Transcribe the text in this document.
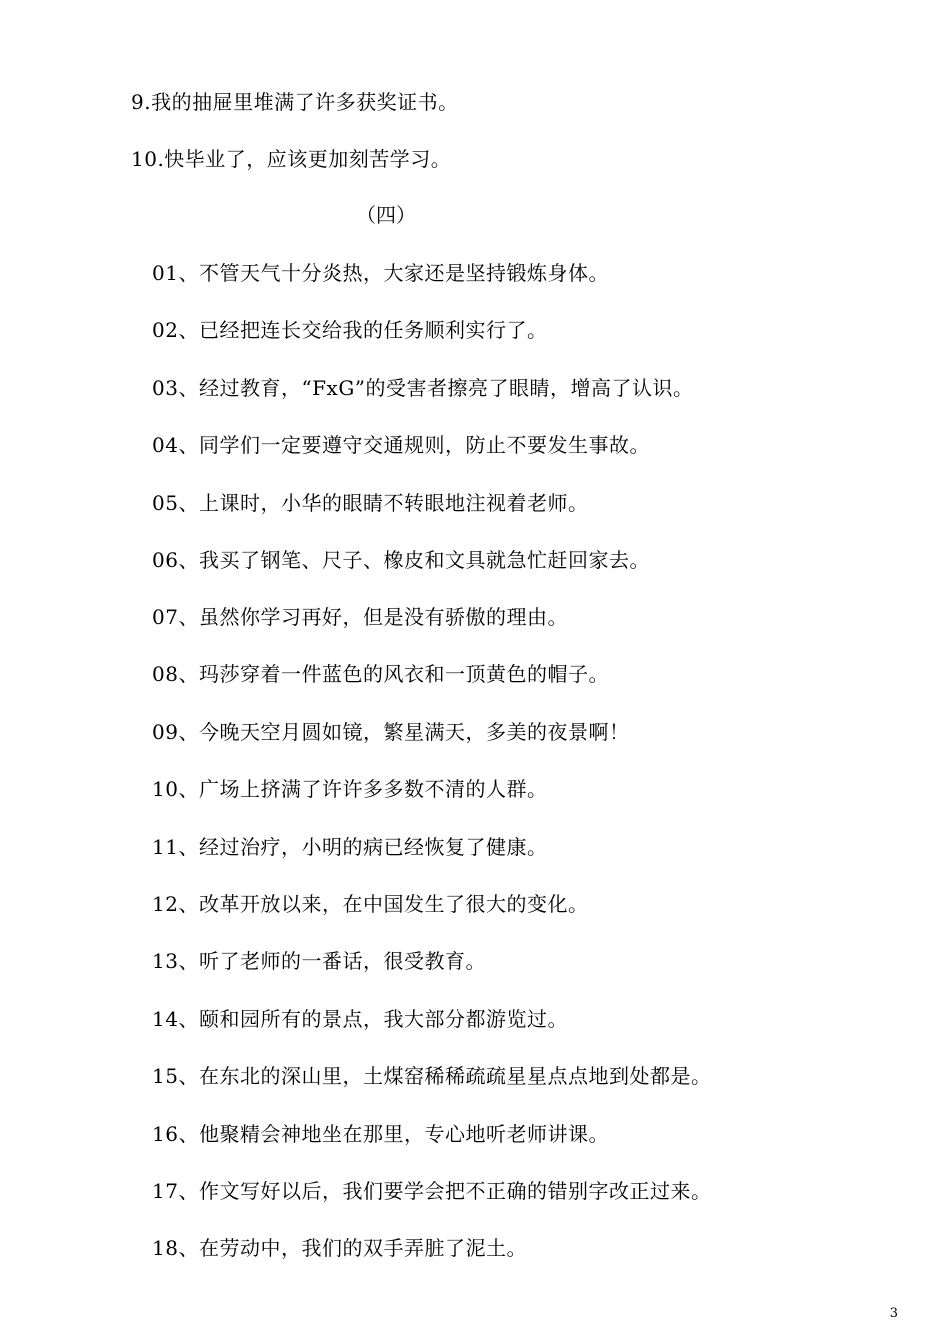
9.我的抽屉里堆满了许多获奖证书。
10.快毕业了，应该更加刻苦学习。
（四）
01、不管天气十分炎热，大家还是坚持锻炼身体。
02、已经把连长交给我的任务顺利实行了。
03、经过教育，“FxG”的受害者擦亮了眼睛，增高了认识。
04、同学们一定要遵守交通规则，防止不要发生事故。
05、上课时，小华的眼睛不转眼地注视着老师。
06、我买了钢笔、尺子、橡皮和文具就急忙赶回家去。
07、虽然你学习再好，但是没有骄傲的理由。
08、玛莎穿着一件蓝色的风衣和一顶黄色的帽子。
09、今晚天空月圆如镜，繁星满天，多美的夜景啊！
10、广场上挤满了许许多多数不清的人群。
11、经过治疗，小明的病已经恢复了健康。
12、改革开放以来，在中国发生了很大的变化。
13、听了老师的一番话，很受教育。
14、颐和园所有的景点，我大部分都游览过。
15、在东北的深山里，土煤窑稀稀疏疏星星点点地到处都是。
16、他聚精会神地坐在那里，专心地听老师讲课。
17、作文写好以后，我们要学会把不正确的错别字改正过来。
18、在劳动中，我们的双手弄脏了泥土。
3
